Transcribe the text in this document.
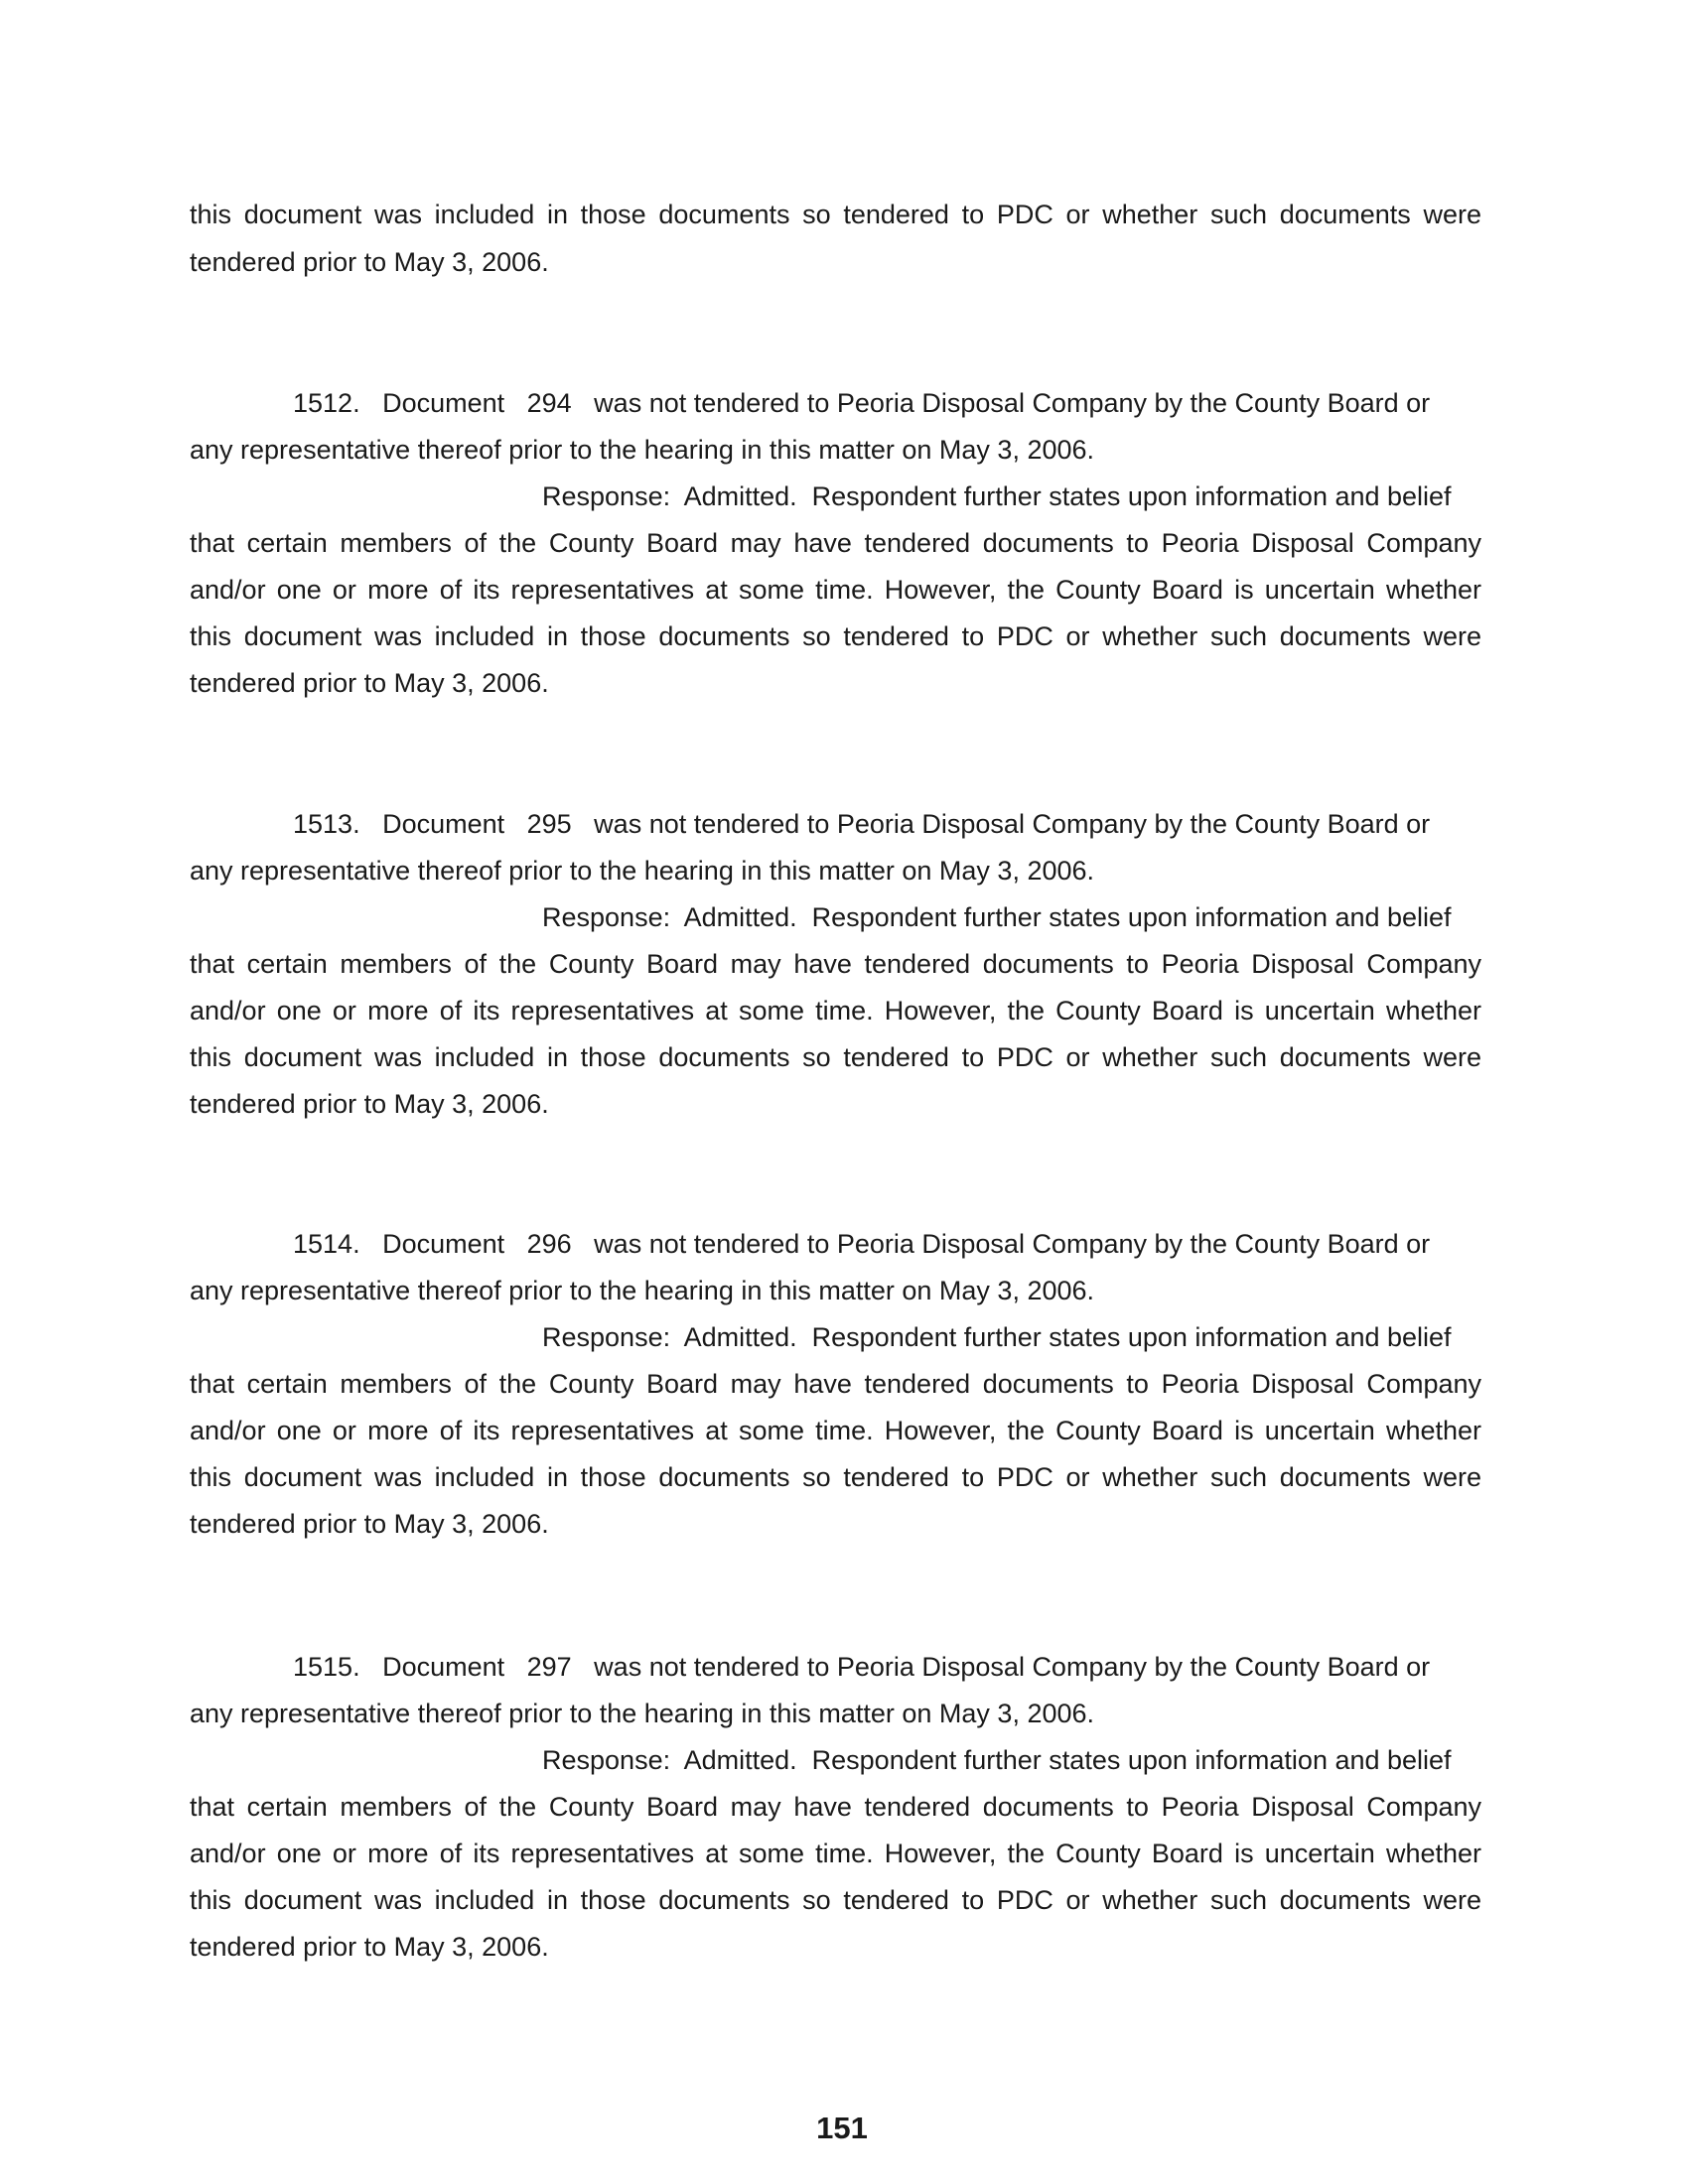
this document was included in those documents so tendered to PDC or whether such documents were

tendered prior to May 3, 2006.

1512.   Document   294   was not tendered to Peoria Disposal Company by the County Board or

any representative thereof prior to the hearing in this matter on May 3, 2006.

Response:  Admitted.  Respondent further states upon information and belief

that certain members of the County Board may have tendered documents to Peoria Disposal Company

and/or one or more of its representatives at some time. However, the County Board is uncertain whether

this document was included in those documents so tendered to PDC or whether such documents were

tendered prior to May 3, 2006.

1513.   Document   295   was not tendered to Peoria Disposal Company by the County Board or

any representative thereof prior to the hearing in this matter on May 3, 2006.

Response:  Admitted.  Respondent further states upon information and belief

that certain members of the County Board may have tendered documents to Peoria Disposal Company

and/or one or more of its representatives at some time. However, the County Board is uncertain whether

this document was included in those documents so tendered to PDC or whether such documents were

tendered prior to May 3, 2006.

1514.   Document   296   was not tendered to Peoria Disposal Company by the County Board or

any representative thereof prior to the hearing in this matter on May 3, 2006.

Response:  Admitted.  Respondent further states upon information and belief

that certain members of the County Board may have tendered documents to Peoria Disposal Company

and/or one or more of its representatives at some time. However, the County Board is uncertain whether

this document was included in those documents so tendered to PDC or whether such documents were

tendered prior to May 3, 2006.

1515.   Document   297   was not tendered to Peoria Disposal Company by the County Board or

any representative thereof prior to the hearing in this matter on May 3, 2006.

Response:  Admitted.  Respondent further states upon information and belief

that certain members of the County Board may have tendered documents to Peoria Disposal Company

and/or one or more of its representatives at some time. However, the County Board is uncertain whether

this document was included in those documents so tendered to PDC or whether such documents were

tendered prior to May 3, 2006.

151
